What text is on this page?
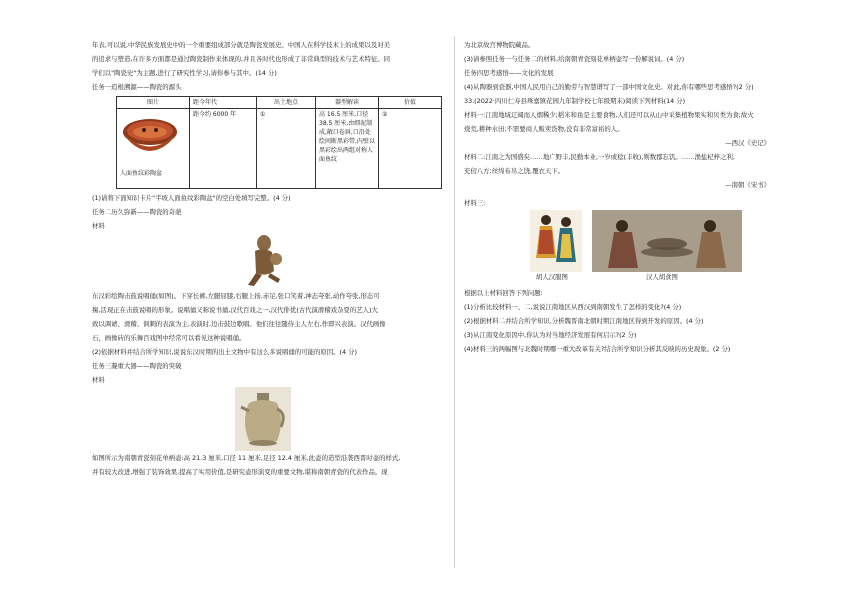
年表,可以说,中华民族发展史中的一个重要组成部分就是陶瓷发展史。中国人在科学技术上的成果以及对美

的追求与塑造,在许多方面都是通过陶瓷制作来体现的,并且各时代也形成了非常典型的技术与艺术特征。同

学们以"陶瓷史"为主题,进行了研究性学习,请你参与其中。(14 分)

任务一追根溯源——陶瓷的源头

图片	距今年代	出土地点	器型解读	价值

人面鱼纹彩陶盆	距今约 6000 年	①	高 16.5 厘米,口径 38.5 厘米,由细泥制成,敞口卷唇,口沿处绘间断黑彩带,内壁以黑彩绘出两组对称人面鱼纹	②

(1)请将下面知识卡片"半坡人面鱼纹彩陶盆"的空白处填写完整。(4 分)

任务二历久弥新——陶瓷的奇葩

材料

东汉彩绘陶击鼓说唱俑(如图)。下穿长裤,左腿屈膝,右腿上扬,赤足,张口笑着,神态夸张,动作夸张,形态可

掬,活现正在击鼓说唱的形象。说唱俑又称说书俑,汉代百戏之一,汉代俳优(古代演滑稽戏杂耍的艺人)大

致以调谑、滑稽、讽刺的表演为主,表演时,边击鼓边歌唱。他们往往随侍主人左右,作即兴表演。汉代画像

石、画像砖的乐舞百戏图中经常可以看见这种说唱俑。

(2)依据材料并结合所学知识,说说东汉时期的出土文物中有这么多说唱俑的可能的原因。(4 分)

任务三凝重大器——陶瓷的突破

材料

如图所示为南朝青瓷刻花单柄壶:高 21.3 厘米,口径 11 厘米,足径 12.4 厘米,此壶的造型沿袭西晋时壶的样式,

并有较大改进,增强了装饰效果,提高了实用价值,是研究壶形演变的重要文物,堪称南朝青瓷的代表作品。现

为北京故宫博物院藏品。

(3)请参照任务一与任务二的材料,给南朝青瓷刻花单柄壶写一份解说词。(4 分)

任务四思考感悟——文化的发展

(4)从陶器到瓷器,中国人民用自己的勤劳与智慧谱写了一部中国文化史。对此,你有哪些思考感悟?(2 分)

33.(2022·四川仁寿县珠嘉镇花园九年制学校七年级期末)阅读下列材料(14 分)

材料一:江南地域辽阔而人烟稀少;稻米和鱼是主要食物,人们还可以从山中采集植物果实和贝类为食;故火

烧荒,耕种水田;不需要商人贩卖货物,没有非常富裕的人。

—西汉《史记》

材料二:江南之为国盛矣……地广野丰,民勤本业,一岁或稔(丰收),则数郡忘饥。……渔盐杞梓之利,

充仞八方;丝绵布帛之饶,覆衣天下。

—南朝《宋书》

材料三:

胡人汉服图	汉人胡食图

根据以上材料回答下列问题:

(1)分析比较材料一、二,说说江南地区从西汉到南朝发生了怎样的变化?(4 分)

(2)根据材料二并结合所学知识,分析魏晋南北朝时期江南地区得到开发的原因。(4 分)

(3)从江南变化原因中,你认为对当地经济发展有何启示?(2 分)

(4)材料三的两幅图与北魏时期哪一重大改革有关?结合所学知识分析其反映的历史现象。(2 分)
